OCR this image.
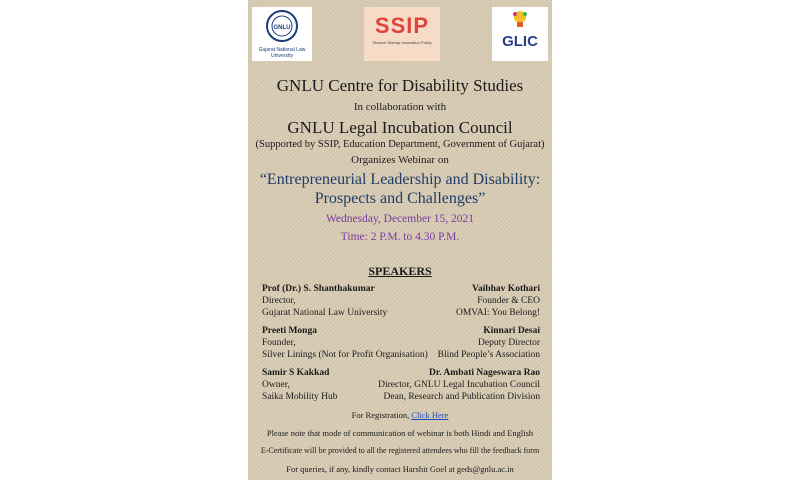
GNLU
Gujarat National Law University
SSIP
Student Startup Innovation Policy	GLIC
GNLU Centre for Disability Studies
In collaboration with
GNLU Legal Incubation Council
(Supported by SSIP, Education Department, Government of Gujarat)
Organizes Webinar on
“Entrepreneurial Leadership and Disability:
Prospects and Challenges”
Wednesday, December 15, 2021
Time: 2 P.M. to 4.30 P.M.
SPEAKERS
Prof (Dr.) S. Shanthakumar
Director,
Gujarat National Law University
Vaibhav Kothari
Founder & CEO
OMVAI: You Belong!
Preeti Monga
Founder,
Silver Linings (Not for Profit Organisation)
Kinnari Desai
Deputy Director
Blind People’s Association
Samir S Kakkad
Owner,
Saika Mobility Hub
Dr. Ambati Nageswara Rao
Director, GNLU Legal Incubation Council
Dean, Research and Publication Division
For Registration, Click Here
Please note that mode of communication of webinar is both Hindi and English
E-Certificate will be provided to all the registered attendees who fill the feedback form
For queries, if any, kindly contact Harshit Goel at geds@gnlu.ac.in
